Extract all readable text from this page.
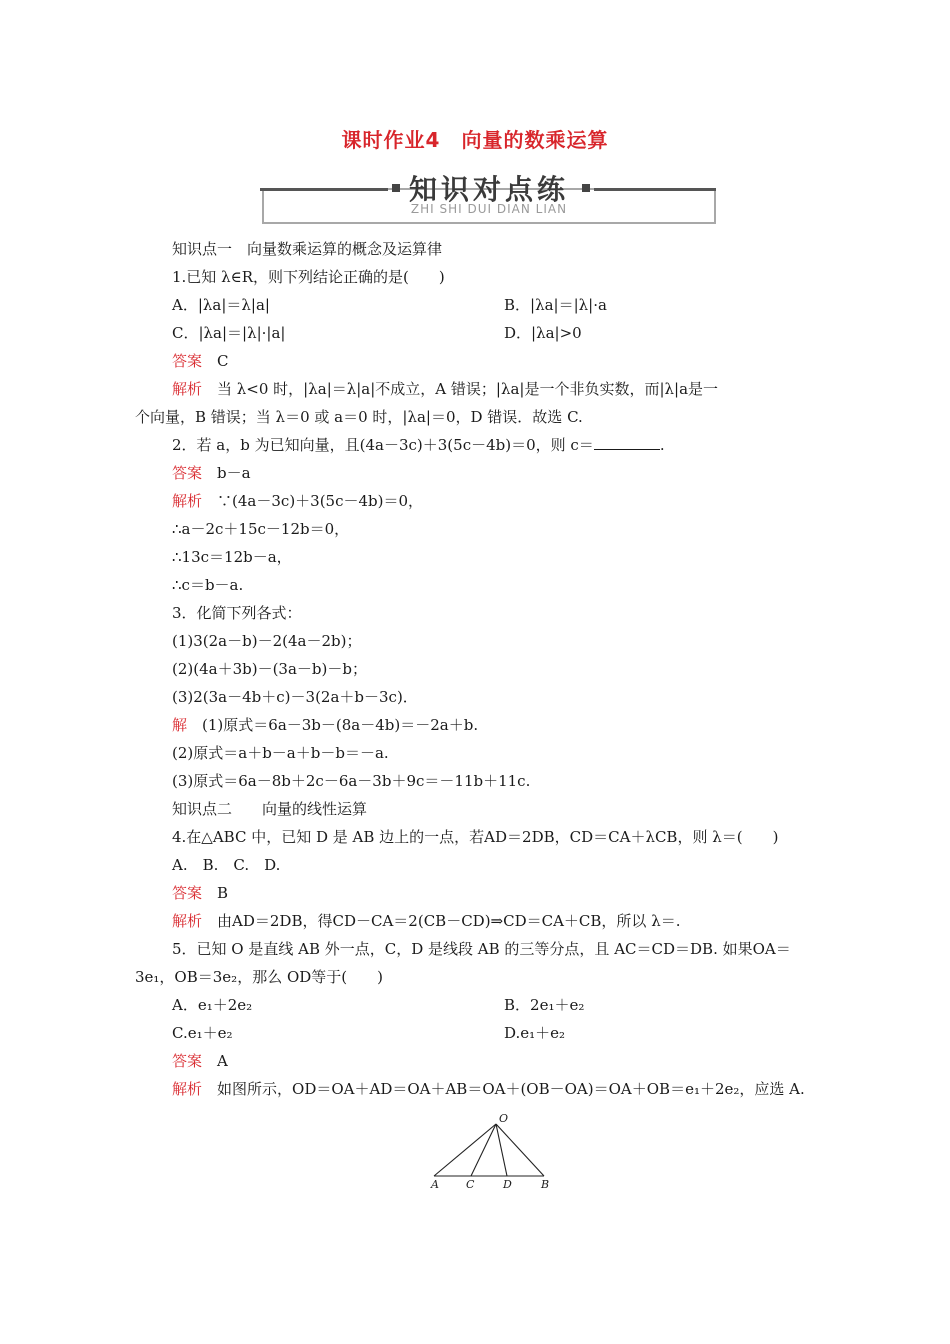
课时作业4　向量的数乘运算
知识对点练
ZHI SHI DUI DIAN LIAN
知识点一　向量数乘运算的概念及运算律
1.已知 λ∈R，则下列结论正确的是(　　)
A．|λa|＝λ|a|	B．|λa|＝|λ|·a
C．|λa|＝|λ|·|a|	D．|λa|>0
答案　 C
解析　 当 λ<0 时，|λa|＝λ|a|不成立，A 错误；|λa|是一个非负实数，而|λ|a是一
个向量，B 错误；当 λ＝0 或 a＝0 时，|λa|＝0，D 错误．故选 C.
2．若 a，b 为已知向量，且(4a－3c)＋3(5c－4b)＝0，则 c＝	.
答案　 b－a
解析　 ∵(4a－3c)＋3(5c－4b)＝0，
∴a－2c＋15c－12b＝0，
∴13c＝12b－a，
∴c＝b－a.
3．化简下列各式：
(1)3(2a－b)－2(4a－2b)；
(2)(4a＋3b)－(3a－b)－b；
(3)2(3a－4b＋c)－3(2a＋b－3c)．
解　 (1)原式＝6a－3b－(8a－4b)＝－2a＋b.
(2)原式＝a＋b－a＋b－b＝－a.
(3)原式＝6a－8b＋2c－6a－3b＋9c＝－11b＋11c.
知识点二　　向量的线性运算
4.在△ABC 中，已知 D 是 AB 边上的一点，若AD＝2DB，CD＝CA＋λCB，则 λ＝(　　)
A.　B.　C.　D.
答案　 B
解析　 由AD＝2DB，得CD－CA＝2(CB－CD)⇒CD＝CA＋CB，所以 λ＝.
5．已知 O 是直线 AB 外一点，C，D 是线段 AB 的三等分点，且 AC＝CD＝DB. 如果OA＝
3e₁，OB＝3e₂，那么 OD等于(　　)
A．e₁＋2e₂	B．2e₁＋e₂
C.e₁＋e₂	D.e₁＋e₂
答案　 A
解析　 如图所示，OD＝OA＋AD＝OA＋AB＝OA＋(OB－OA)＝OA＋OB＝e₁＋2e₂，应选 A.
O
A C	D	B
